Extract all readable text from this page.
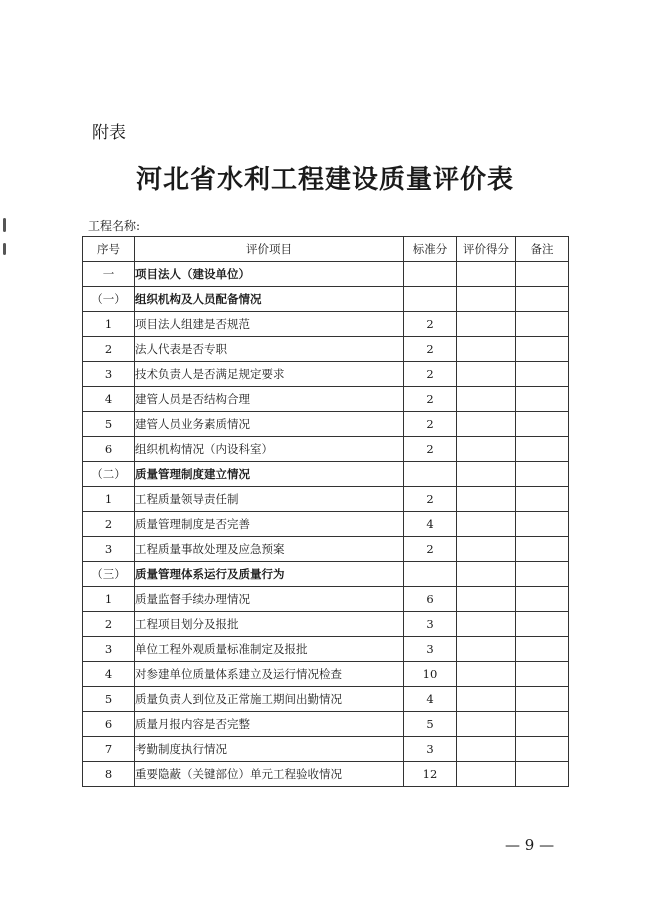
附表
河北省水利工程建设质量评价表
工程名称:
序号	评价项目	标准分	评价得分	备注
一	项目法人（建设单位）			
（一）	组织机构及人员配备情况			
1	项目法人组建是否规范	2		
2	法人代表是否专职	2		
3	技术负责人是否满足规定要求	2		
4	建管人员是否结构合理	2		
5	建管人员业务素质情况	2		
6	组织机构情况（内设科室）	2		
（二）	质量管理制度建立情况			
1	工程质量领导责任制	2		
2	质量管理制度是否完善	4		
3	工程质量事故处理及应急预案	2		
（三）	质量管理体系运行及质量行为			
1	质量监督手续办理情况	6		
2	工程项目划分及报批	3		
3	单位工程外观质量标准制定及报批	3		
4	对参建单位质量体系建立及运行情况检查	10		
5	质量负责人到位及正常施工期间出勤情况	4		
6	质量月报内容是否完整	5		
7	考勤制度执行情况	3		
8	重要隐蔽（关键部位）单元工程验收情况	12		
— 9 —
